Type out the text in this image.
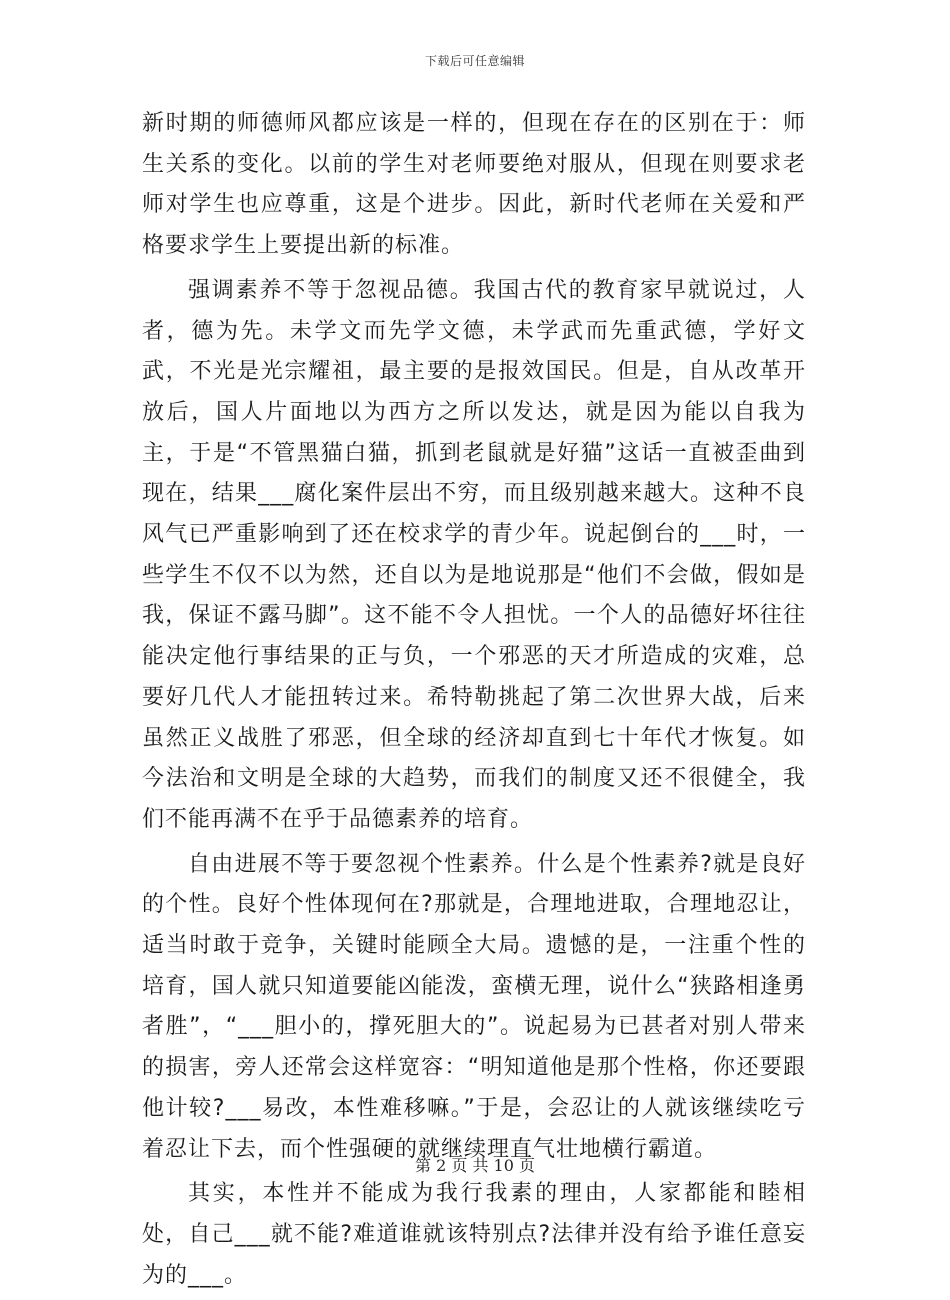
下载后可任意编辑

新时期的师德师风都应该是一样的，但现在存在的区别在于：师生关系的变化。以前的学生对老师要绝对服从，但现在则要求老师对学生也应尊重，这是个进步。因此，新时代老师在关爱和严格要求学生上要提出新的标准。

强调素养不等于忽视品德。我国古代的教育家早就说过，人者，德为先。未学文而先学文德，未学武而先重武德，学好文武，不光是光宗耀祖，最主要的是报效国民。但是，自从改革开放后，国人片面地以为西方之所以发达，就是因为能以自我为主，于是“不管黑猫白猫，抓到老鼠就是好猫”这话一直被歪曲到现在，结果___腐化案件层出不穷，而且级别越来越大。这种不良风气已严重影响到了还在校求学的青少年。说起倒台的___时，一些学生不仅不以为然，还自以为是地说那是“他们不会做，假如是我，保证不露马脚”。这不能不令人担忧。一个人的品德好坏往往能决定他行事结果的正与负，一个邪恶的天才所造成的灾难，总要好几代人才能扭转过来。希特勒挑起了第二次世界大战，后来虽然正义战胜了邪恶，但全球的经济却直到七十年代才恢复。如今法治和文明是全球的大趋势，而我们的制度又还不很健全，我们不能再满不在乎于品德素养的培育。

自由进展不等于要忽视个性素养。什么是个性素养?就是良好的个性。良好个性体现何在?那就是，合理地进取，合理地忍让，适当时敢于竞争，关键时能顾全大局。遗憾的是，一注重个性的培育，国人就只知道要能凶能泼，蛮横无理，说什么“狭路相逢勇者胜”，“___胆小的，撑死胆大的”。说起易为已甚者对别人带来的损害，旁人还常会这样宽容：“明知道他是那个性格，你还要跟他计较?___易改，本性难移嘛。”于是，会忍让的人就该继续吃亏着忍让下去，而个性强硬的就继续理直气壮地横行霸道。

其实，本性并不能成为我行我素的理由，人家都能和睦相处，自己___就不能?难道谁就该特别点?法律并没有给予谁任意妄为的___。

第 2 页 共 10 页
